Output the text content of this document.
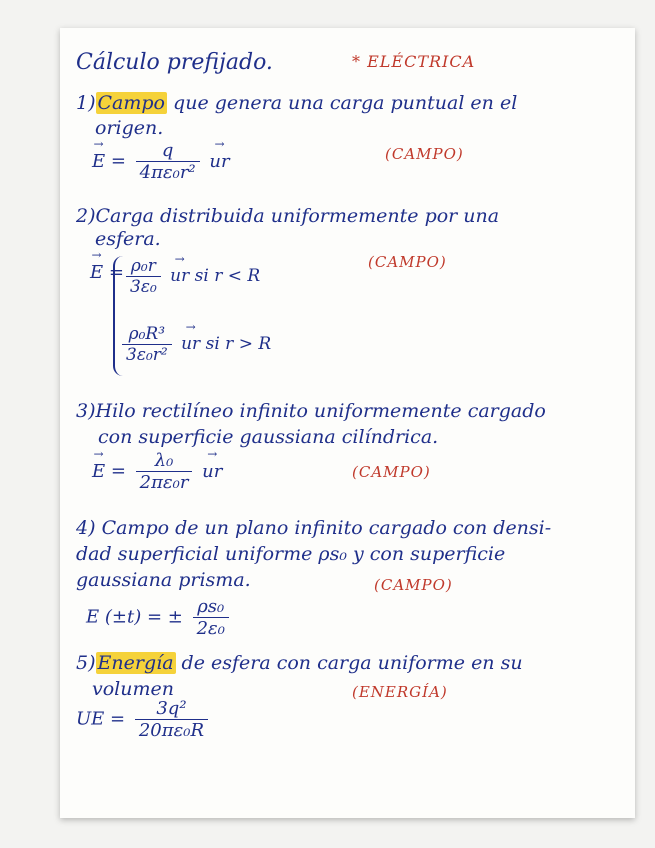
Cálculo prefijado.	* ELÉCTRICA
1) Campo que genera una carga puntual en el
origen.
→ $E = \frac{q}{\text{4πε₀r²}}$ → ur	(CAMPO)
2)Carga distribuida uniformemente por una
esfera.
→ $E = \frac{\text{ρ₀r}}{\text{3ε₀}}$ → ur si r < R
$\frac{\text{ρ₀R³}}{\text{3ε₀r²}}$ → ur si r > R
(CAMPO)
3)Hilo rectilíneo infinito uniformemente cargado
con superficie gaussiana cilíndrica.
→ $E = \frac{\text{λ₀}}{\text{2πε₀r}}$ → ur	(CAMPO)
4) Campo de un plano infinito cargado con densi-
dad superficial uniforme ρs₀ y con superficie
gaussiana prisma.
E (±t) = ± $\frac{\text{ρs₀}}{\text{2ε₀}}$
(CAMPO)
5) Energía de esfera con carga uniforme en su
volumen
UE = $\frac{\text{3q²}}{\text{20πε₀R}}$
(ENERGÍA)
